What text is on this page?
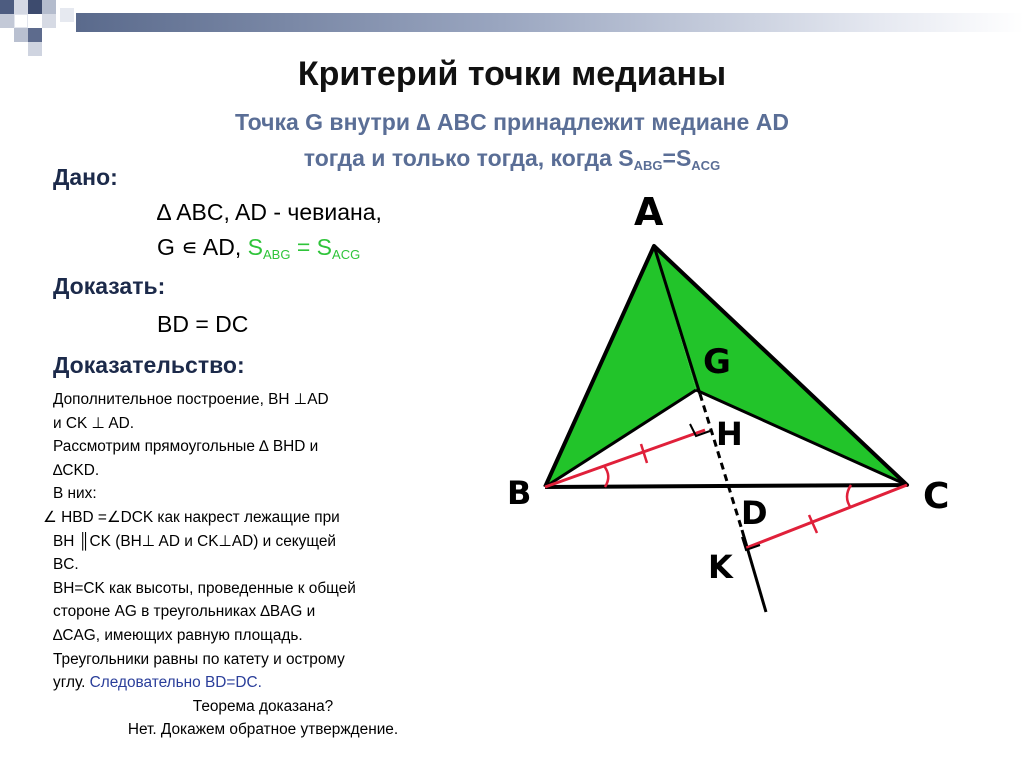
Критерий точки медианы
Точка G внутри ∆ ABC принадлежит медиане AD
тогда и только тогда, когда $S_{ABG}=S_{ACG}$
Дано:
∆ ABC, AD - чевиана,
G ∊ AD, $S_{ABG} = S_{ACG}$
Доказать:
BD = DC
Доказательство:
Дополнительное построение, BH ⊥AD
и CK ⊥ AD.
Рассмотрим прямоугольные ∆ BHD и
∆CKD.
В них:
∠ HBD =∠DCK как накрест лежащие при
BH ║CK (BH⊥ AD и CK⊥AD) и секущей
BC.
BH=CK как высоты, проведенные к общей
стороне AG в треугольниках ∆BAG и
∆CAG, имеющих равную площадь.
Треугольники равны по катету и острому
углу. Следовательно BD=DC.
Теорема доказана?
Нет. Докажем обратное утверждение.
A
G
H
B
D	C
K
